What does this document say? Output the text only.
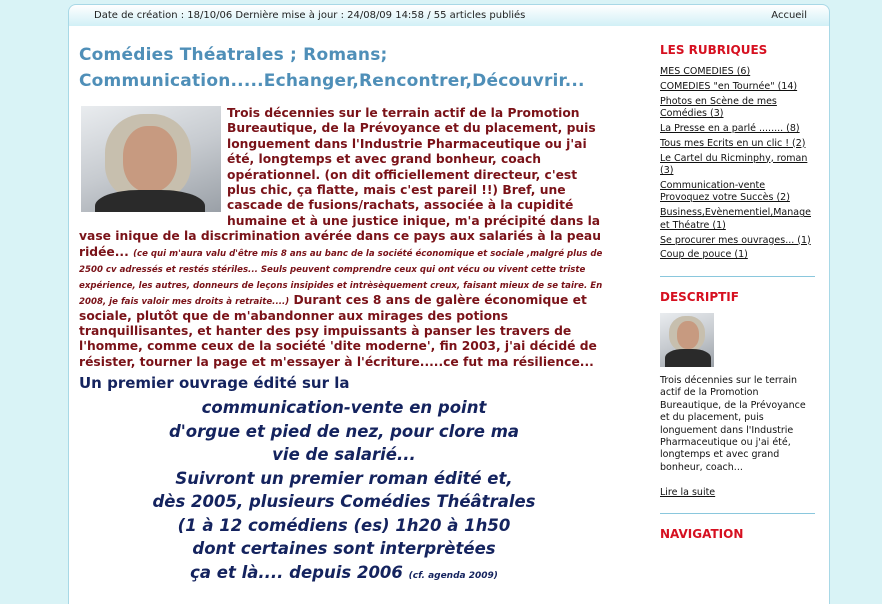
Date de création : 18/10/06 Dernière mise à jour : 24/08/09 14:58 / 55 articles publiés	Accueil
Comédies Théatrales ; Romans; Communication.....Echanger,Rencontrer,Découvrir...
Trois décennies sur le terrain actif de la Promotion Bureautique, de la Prévoyance et du placement, puis longuement dans l'Industrie Pharmaceutique ou j'ai été, longtemps et avec grand bonheur, coach opérationnel. (on dit officiellement directeur, c'est plus chic, ça flatte, mais c'est pareil !!) Bref, une cascade de fusions/rachats, associée à la cupidité humaine et à une justice inique, m'a précipité dans la vase inique de la discrimination avérée dans ce pays aux salariés à la peau ridée... (ce qui m'aura valu d'être mis 8 ans au banc de la société économique et sociale ,malgré plus de 2500 cv adressés et restés stériles... Seuls peuvent comprendre ceux qui ont vécu ou vivent cette triste expérience, les autres, donneurs de leçons insipides et intrèsèquement creux, faisant mieux de se taire. En 2008, je fais valoir mes droits à retraite....) Durant ces 8 ans de galère économique et sociale, plutôt que de m'abandonner aux mirages des potions tranquillisantes, et hanter des psy impuissants à panser les travers de l'homme, comme ceux de la société 'dite moderne', fin 2003, j'ai décidé de résister, tourner la page et m'essayer à l'écriture.....ce fut ma résilience...
Un premier ouvrage édité sur la
communication-vente en point
d'orgue et pied de nez, pour clore ma
vie de salarié...
Suivront un premier roman édité et,
dès 2005, plusieurs Comédies Théâtrales
(1 à 12 comédiens (es) 1h20 à 1h50
dont certaines sont interprètées
ça et là.... depuis 2006 (cf. agenda 2009)
LES RUBRIQUES
MES COMEDIES (6)
COMEDIES "en Tournée" (14)
Photos en Scène de mes Comédies (3)
La Presse en a parlé ........ (8)
Tous mes Ecrits en un clic ! (2)
Le Cartel du Ricminphy, roman (3)
Communication-vente Provoquez votre Succès (2)
Business,Evènementiel,Manage et Théatre (1)
Se procurer mes ouvrages... (1)
Coup de pouce (1)
DESCRIPTIF
Trois décennies sur le terrain actif de la Promotion Bureautique, de la Prévoyance et du placement, puis longuement dans l'Industrie Pharmaceutique ou j'ai été, longtemps et avec grand bonheur, coach...
Lire la suite
NAVIGATION
